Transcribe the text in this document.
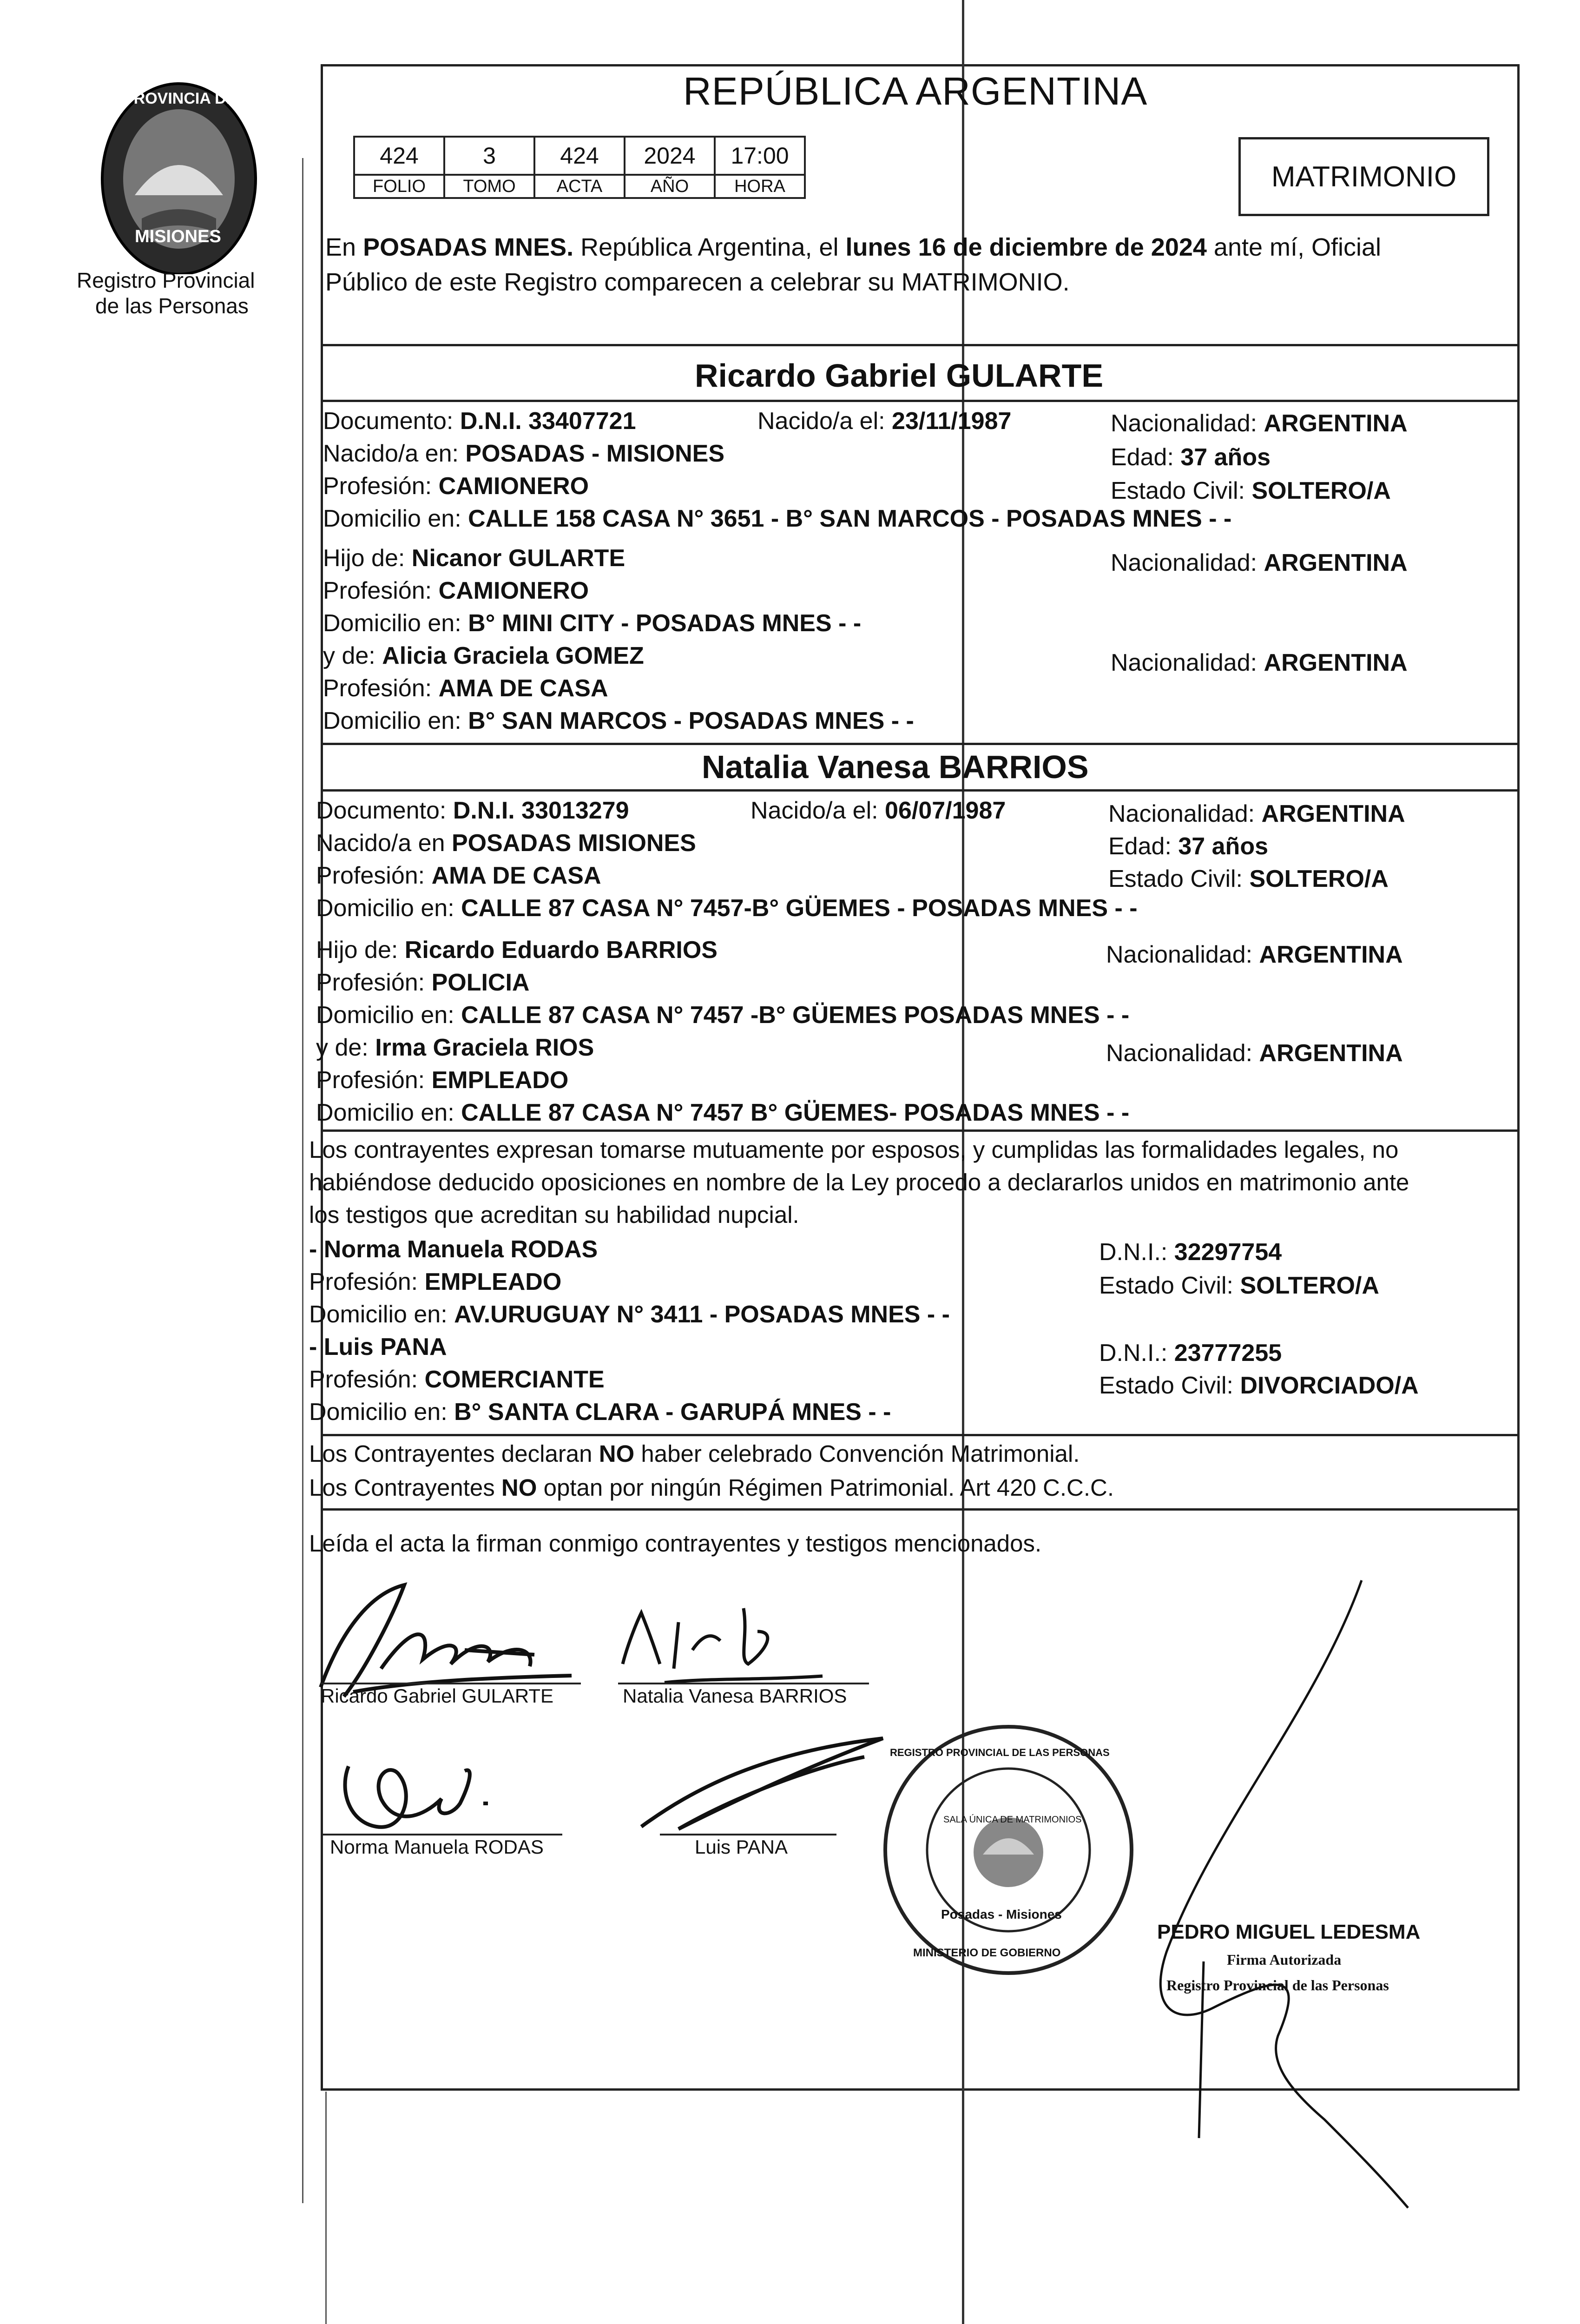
PROVINCIA DE
MISIONES
Registro Provincial
de las Personas
REPÚBLICA ARGENTINA
424	3	424	2024	17:00
FOLIO	TOMO	ACTA	AÑO	HORA	MATRIMONIO
En POSADAS MNES. República Argentina, el lunes 16 de diciembre de 2024 ante mí, Oficial
Público de este Registro comparecen a celebrar su MATRIMONIO.
Ricardo Gabriel GULARTE
Documento: D.N.I. 33407721	Nacido/a el: 23/11/1987	Nacionalidad: ARGENTINA
Nacido/a en: POSADAS - MISIONES	Edad: 37 años
Profesión: CAMIONERO	Estado Civil: SOLTERO/A
Domicilio en: CALLE 158 CASA N° 3651 - B° SAN MARCOS - POSADAS MNES - -
Hijo de: Nicanor GULARTE	Nacionalidad: ARGENTINA
Profesión: CAMIONERO
Domicilio en: B° MINI CITY - POSADAS MNES - -
y de: Alicia Graciela GOMEZ	Nacionalidad: ARGENTINA
Profesión: AMA DE CASA
Domicilio en: B° SAN MARCOS - POSADAS MNES - -
Natalia Vanesa BARRIOS
Documento: D.N.I. 33013279	Nacido/a el: 06/07/1987	Nacionalidad: ARGENTINA
Nacido/a en POSADAS MISIONES	Edad: 37 años
Profesión: AMA DE CASA	Estado Civil: SOLTERO/A
Domicilio en: CALLE 87 CASA N° 7457-B° GÜEMES - POSADAS MNES - -
Hijo de: Ricardo Eduardo BARRIOS	Nacionalidad: ARGENTINA
Profesión: POLICIA
Domicilio en: CALLE 87 CASA N° 7457 -B° GÜEMES POSADAS MNES - -
y de: Irma Graciela RIOS	Nacionalidad: ARGENTINA
Profesión: EMPLEADO
Domicilio en: CALLE 87 CASA N° 7457 B° GÜEMES- POSADAS MNES - -
Los contrayentes expresan tomarse mutuamente por esposos, y cumplidas las formalidades legales, no
habiéndose deducido oposiciones en nombre de la Ley procedo a declararlos unidos en matrimonio ante
los testigos que acreditan su habilidad nupcial.
- Norma Manuela RODAS	D.N.I.: 32297754
Profesión: EMPLEADO	Estado Civil: SOLTERO/A
Domicilio en: AV.URUGUAY N° 3411 - POSADAS MNES - -
- Luis PANA	D.N.I.: 23777255
Profesión: COMERCIANTE	Estado Civil: DIVORCIADO/A
Domicilio en: B° SANTA CLARA - GARUPÁ MNES - -
Los Contrayentes declaran NO haber celebrado Convención Matrimonial.
Los Contrayentes NO optan por ningún Régimen Patrimonial. Art 420 C.C.C.
Leída el acta la firman conmigo contrayentes y testigos mencionados.
Ricardo Gabriel GULARTE	Natalia Vanesa BARRIOS
Norma Manuela RODAS	Luis PANA
REGISTRO PROVINCIAL DE LAS PERSONAS
SALA ÚNICA DE MATRIMONIOS
Posadas - Misiones
MINISTERIO DE GOBIERNO
PEDRO MIGUEL LEDESMA
Firma Autorizada
Registro Provincial de las Personas
